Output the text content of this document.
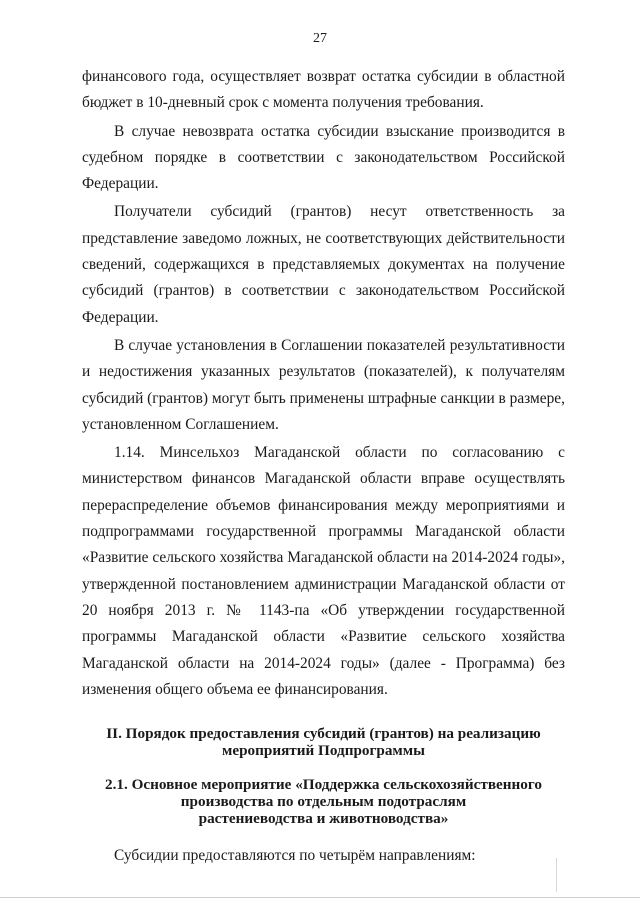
27

финансового года, осуществляет возврат остатка субсидии в областной бюджет в 10-дневный срок с момента получения требования.

В случае невозврата остатка субсидии взыскание производится в судебном порядке в соответствии с законодательством Российской Федерации.

Получатели субсидий (грантов) несут ответственность за представление заведомо ложных, не соответствующих действительности сведений, содержащихся в представляемых документах на получение субсидий (грантов) в соответствии с законодательством Российской Федерации.

В случае установления в Соглашении показателей результативности и недостижения указанных результатов (показателей), к получателям субсидий (грантов) могут быть применены штрафные санкции в размере, установленном Соглашением.

1.14. Минсельхоз Магаданской области по согласованию с министерством финансов Магаданской области вправе осуществлять перераспределение объемов финансирования между мероприятиями и подпрограммами государственной программы Магаданской области «Развитие сельского хозяйства Магаданской области на 2014-2024 годы», утвержденной постановлением администрации Магаданской области от 20 ноября 2013 г. № 1143-па «Об утверждении государственной программы Магаданской области «Развитие сельского хозяйства Магаданской области на 2014-2024 годы» (далее - Программа) без изменения общего объема ее финансирования.

II. Порядок предоставления субсидий (грантов) на реализацию
мероприятий Подпрограммы
2.1. Основное мероприятие «Поддержка сельскохозяйственного
производства по отдельным подотраслям
растениеводства и животноводства»

Субсидии предоставляются по четырём направлениям:
